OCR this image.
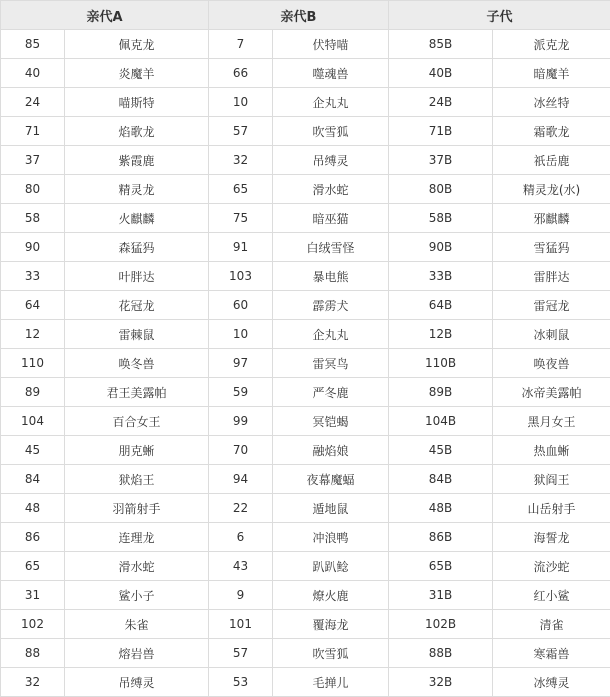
亲代A		亲代B		子代	
85	佩克龙	7	伏特喵	85B	派克龙
40	炎魔羊	66	噬魂兽	40B	暗魔羊
24	喵斯特	10	企丸丸	24B	冰丝特
71	焰歌龙	57	吹雪狐	71B	霜歌龙
37	紫霞鹿	32	吊缚灵	37B	祇岳鹿
80	精灵龙	65	滑水蛇	80B	精灵龙(水)
58	火麒麟	75	暗巫猫	58B	邪麒麟
90	森猛犸	91	白绒雪怪	90B	雪猛犸
33	叶胖达	103	暴电熊	33B	雷胖达
64	花冠龙	60	霹雳犬	64B	雷冠龙
12	雷棘鼠	10	企丸丸	12B	冰刺鼠
110	唤冬兽	97	雷冥鸟	110B	唤夜兽
89	君王美露帕	59	严冬鹿	89B	冰帝美露帕
104	百合女王	99	冥铠蝎	104B	黑月女王
45	朋克蜥	70	融焰娘	45B	热血蜥
84	狱焰王	94	夜幕魔蝠	84B	狱阎王
48	羽箭射手	22	遁地鼠	48B	山岳射手
86	连理龙	6	冲浪鸭	86B	海誓龙
65	滑水蛇	43	趴趴鲶	65B	流沙蛇
31	鲨小子	9	燎火鹿	31B	红小鲨
102	朱雀	101	覆海龙	102B	清雀
88	熔岩兽	57	吹雪狐	88B	寒霜兽
32	吊缚灵	53	毛掸儿	32B	冰缚灵
